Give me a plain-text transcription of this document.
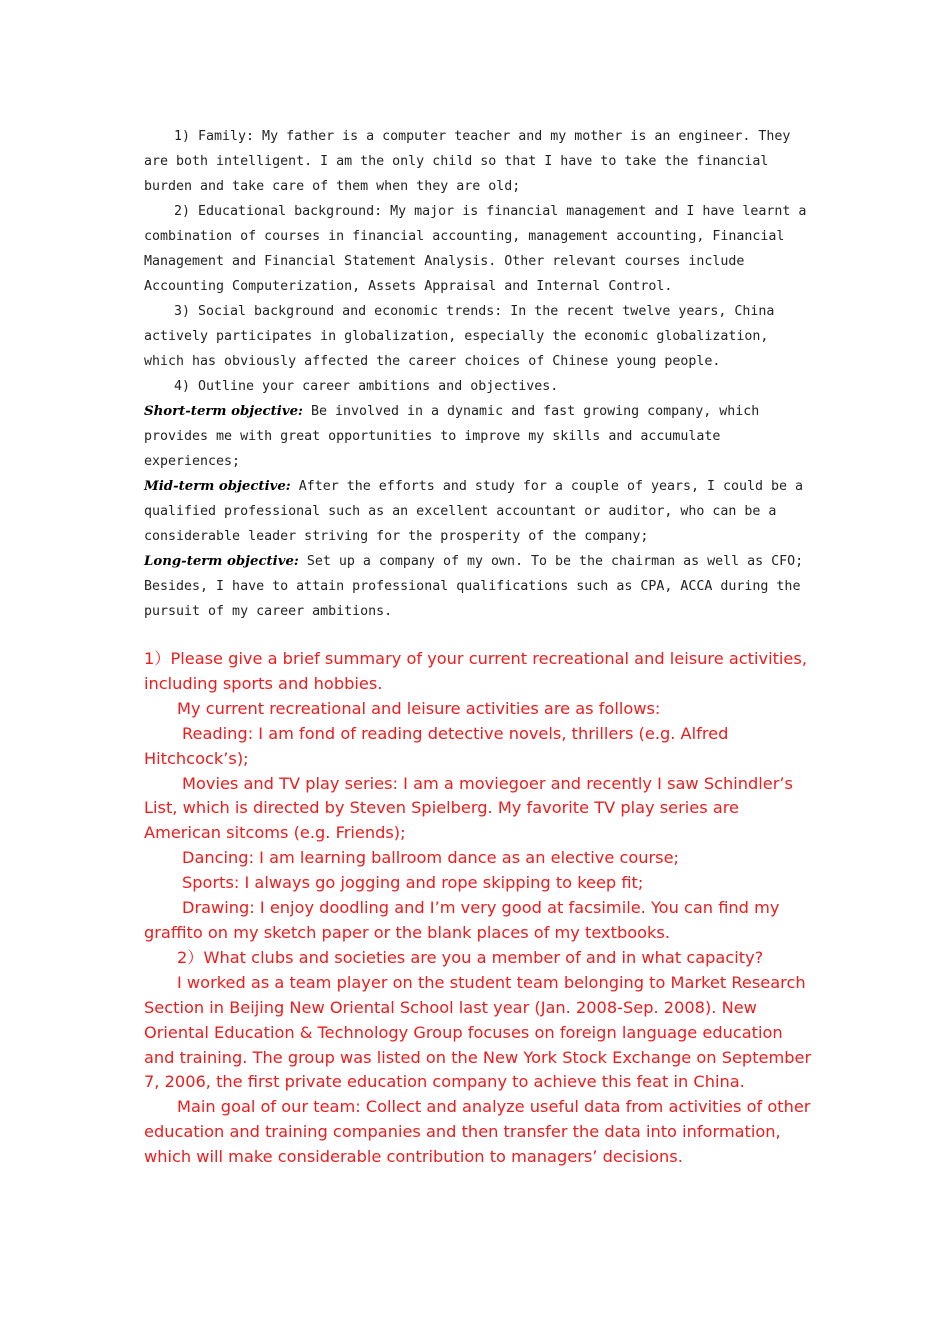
1) Family: My father is a computer teacher and my mother is an engineer. They are both intelligent. I am the only child so that I have to take the financial burden and take care of them when they are old;

2) Educational background: My major is financial management and I have learnt a combination of courses in financial accounting, management accounting, Financial Management and Financial Statement Analysis. Other relevant courses include Accounting Computerization, Assets Appraisal and Internal Control.

3) Social background and economic trends: In the recent twelve years, China actively participates in globalization, especially the economic globalization, which has obviously affected the career choices of Chinese young people.

4) Outline your career ambitions and objectives.

Short-term objective: Be involved in a dynamic and fast growing company, which provides me with great opportunities to improve my skills and accumulate experiences;

Mid-term objective: After the efforts and study for a couple of years, I could be a qualified professional such as an excellent accountant or auditor, who can be a considerable leader striving for the prosperity of the company;

Long-term objective: Set up a company of my own. To be the chairman as well as CFO; Besides, I have to attain professional qualifications such as CPA, ACCA during the pursuit of my career ambitions.

1）Please give a brief summary of your current recreational and leisure activities, including sports and hobbies.

My current recreational and leisure activities are as follows:

Reading: I am fond of reading detective novels, thrillers (e.g. Alfred Hitchcock’s);

Movies and TV play series: I am a moviegoer and recently I saw Schindler’s List, which is directed by Steven Spielberg. My favorite TV play series are American sitcoms (e.g. Friends);

Dancing: I am learning ballroom dance as an elective course;

Sports: I always go jogging and rope skipping to keep fit;

Drawing: I enjoy doodling and I’m very good at facsimile. You can find my graffito on my sketch paper or the blank places of my textbooks.

2）What clubs and societies are you a member of and in what capacity?

I worked as a team player on the student team belonging to Market Research Section in Beijing New Oriental School last year (Jan. 2008-Sep. 2008). New Oriental Education & Technology Group focuses on foreign language education and training. The group was listed on the New York Stock Exchange on September 7, 2006, the first private education company to achieve this feat in China.

Main goal of our team: Collect and analyze useful data from activities of other education and training companies and then transfer the data into information, which will make considerable contribution to managers’ decisions.
